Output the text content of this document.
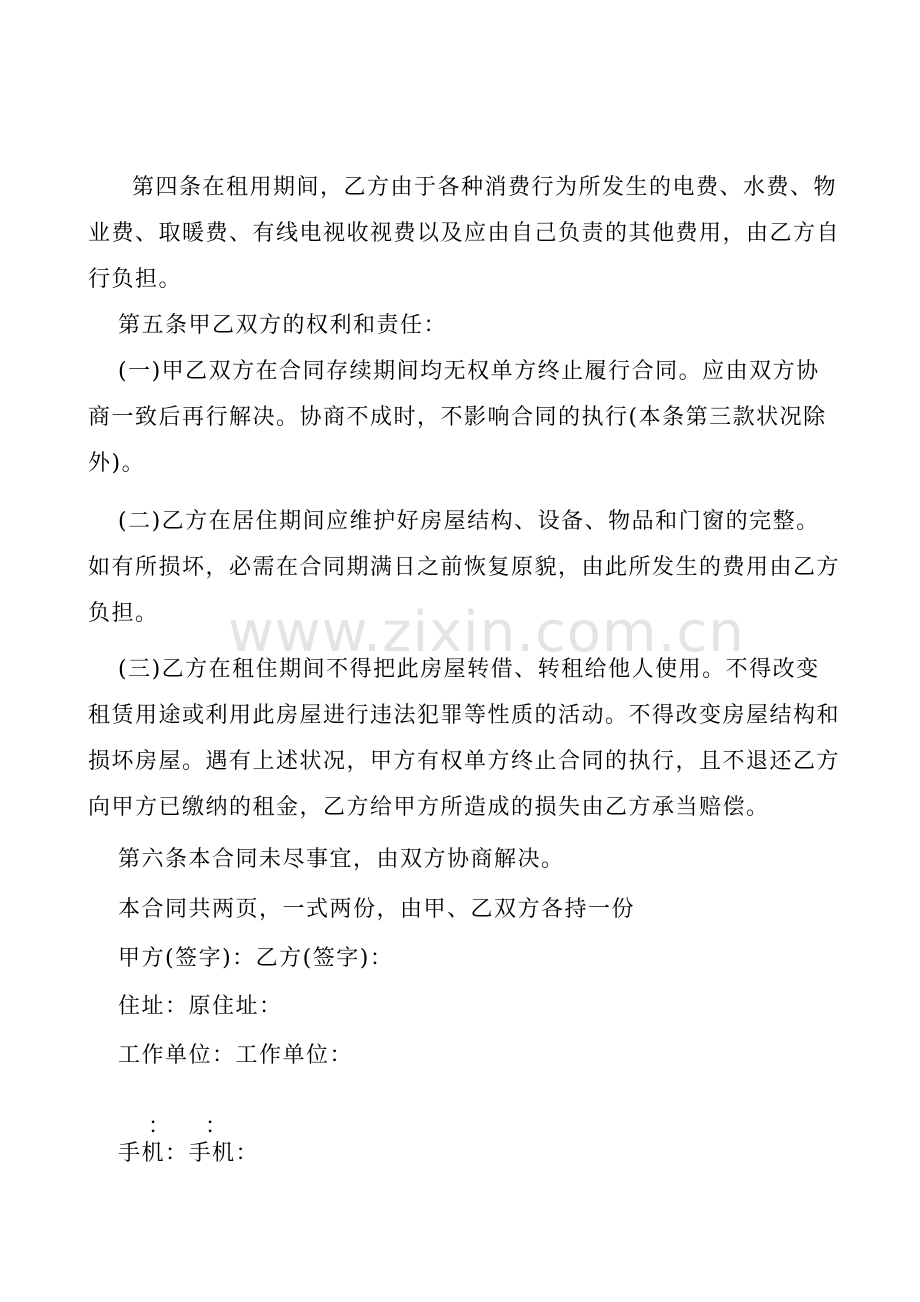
www.zixin.com.cn

第四条在租用期间，乙方由于各种消费行为所发生的电费、水费、物业费、取暖费、有线电视收视费以及应由自己负责的其他费用，由乙方自行负担。

第五条甲乙双方的权利和责任：

(一)甲乙双方在合同存续期间均无权单方终止履行合同。应由双方协商一致后再行解决。协商不成时，不影响合同的执行(本条第三款状况除外)。

(二)乙方在居住期间应维护好房屋结构、设备、物品和门窗的完整。如有所损坏，必需在合同期满日之前恢复原貌，由此所发生的费用由乙方负担。

(三)乙方在租住期间不得把此房屋转借、转租给他人使用。不得改变租赁用途或利用此房屋进行违法犯罪等性质的活动。不得改变房屋结构和损坏房屋。遇有上述状况，甲方有权单方终止合同的执行，且不退还乙方向甲方已缴纳的租金，乙方给甲方所造成的损失由乙方承当赔偿。

第六条本合同未尽事宜，由双方协商解决。

本合同共两页，一式两份，由甲、乙双方各持一份

甲方(签字)：乙方(签字)：

住址：原住址：

工作单位：工作单位：

：     ：

手机：手机：
